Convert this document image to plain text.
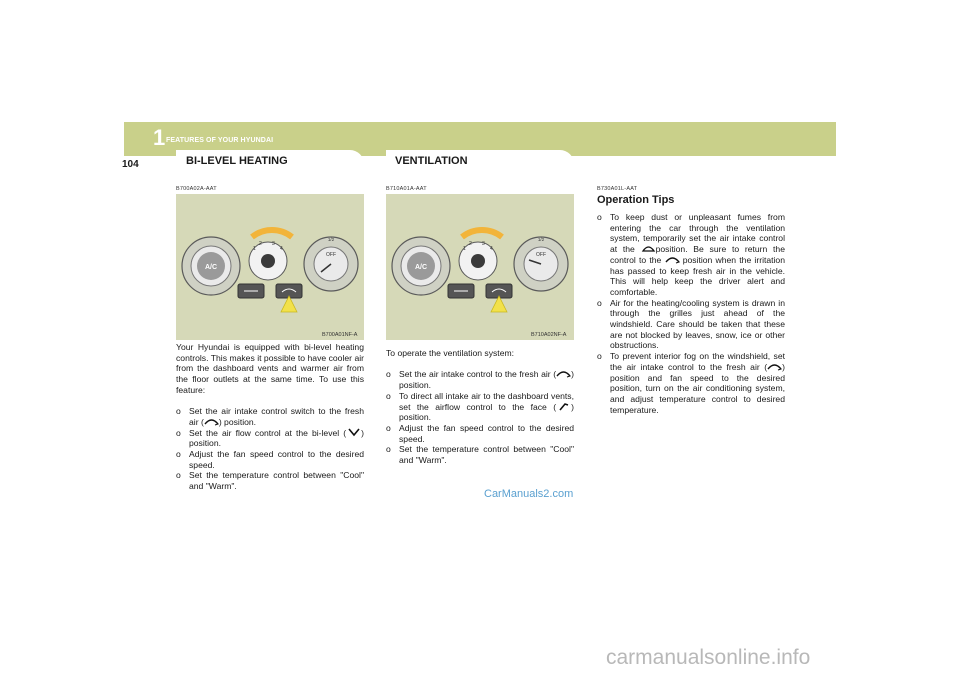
1 FEATURES OF YOUR HYUNDAI
104	BI-LEVEL HEATING	VENTILATION
B700A02A-AAT
A/C
1
2 3
4
OFF
1/2
B700A01NF-A

Your Hyundai is equipped with bi-level heating controls. This makes it possible to have cooler air from the dashboard vents and warmer air from the floor outlets at the same time. To use this feature:

o Set the air intake control switch to the fresh air ( ) position.
o Set the air flow control at the bi-level ( ) position.
o Adjust the fan speed control to the desired speed.
o Set the temperature control between "Cool" and "Warm".
B710A01A-AAT
A/C
1
2 3
4
OFF
1/2
B710A02NF-A

To operate the ventilation system:

o Set the air intake control to the fresh air ( ) position.
o To direct all intake air to the dashboard vents, set the airflow control to the face ( ) position.
o Adjust the fan speed control to the desired speed.
o Set the temperature control between "Cool" and "Warm".
B730A01L-AAT
Operation Tips
o To keep dust or unpleasant fumes from entering the car through the ventilation system, temporarily set the air intake control at the position. Be sure to return the control to the position when the irritation has passed to keep fresh air in the vehicle. This will help keep the driver alert and comfortable.
o Air for the heating/cooling system is drawn in through the grilles just ahead of the windshield. Care should be taken that these are not blocked by leaves, snow, ice or other obstructions.
o To prevent interior fog on the windshield, set the air intake control to the fresh air ( ) position and fan speed to the desired position, turn on the air conditioning system, and adjust temperature control to desired temperature.
CarManuals2.com
carmanualsonline.info
